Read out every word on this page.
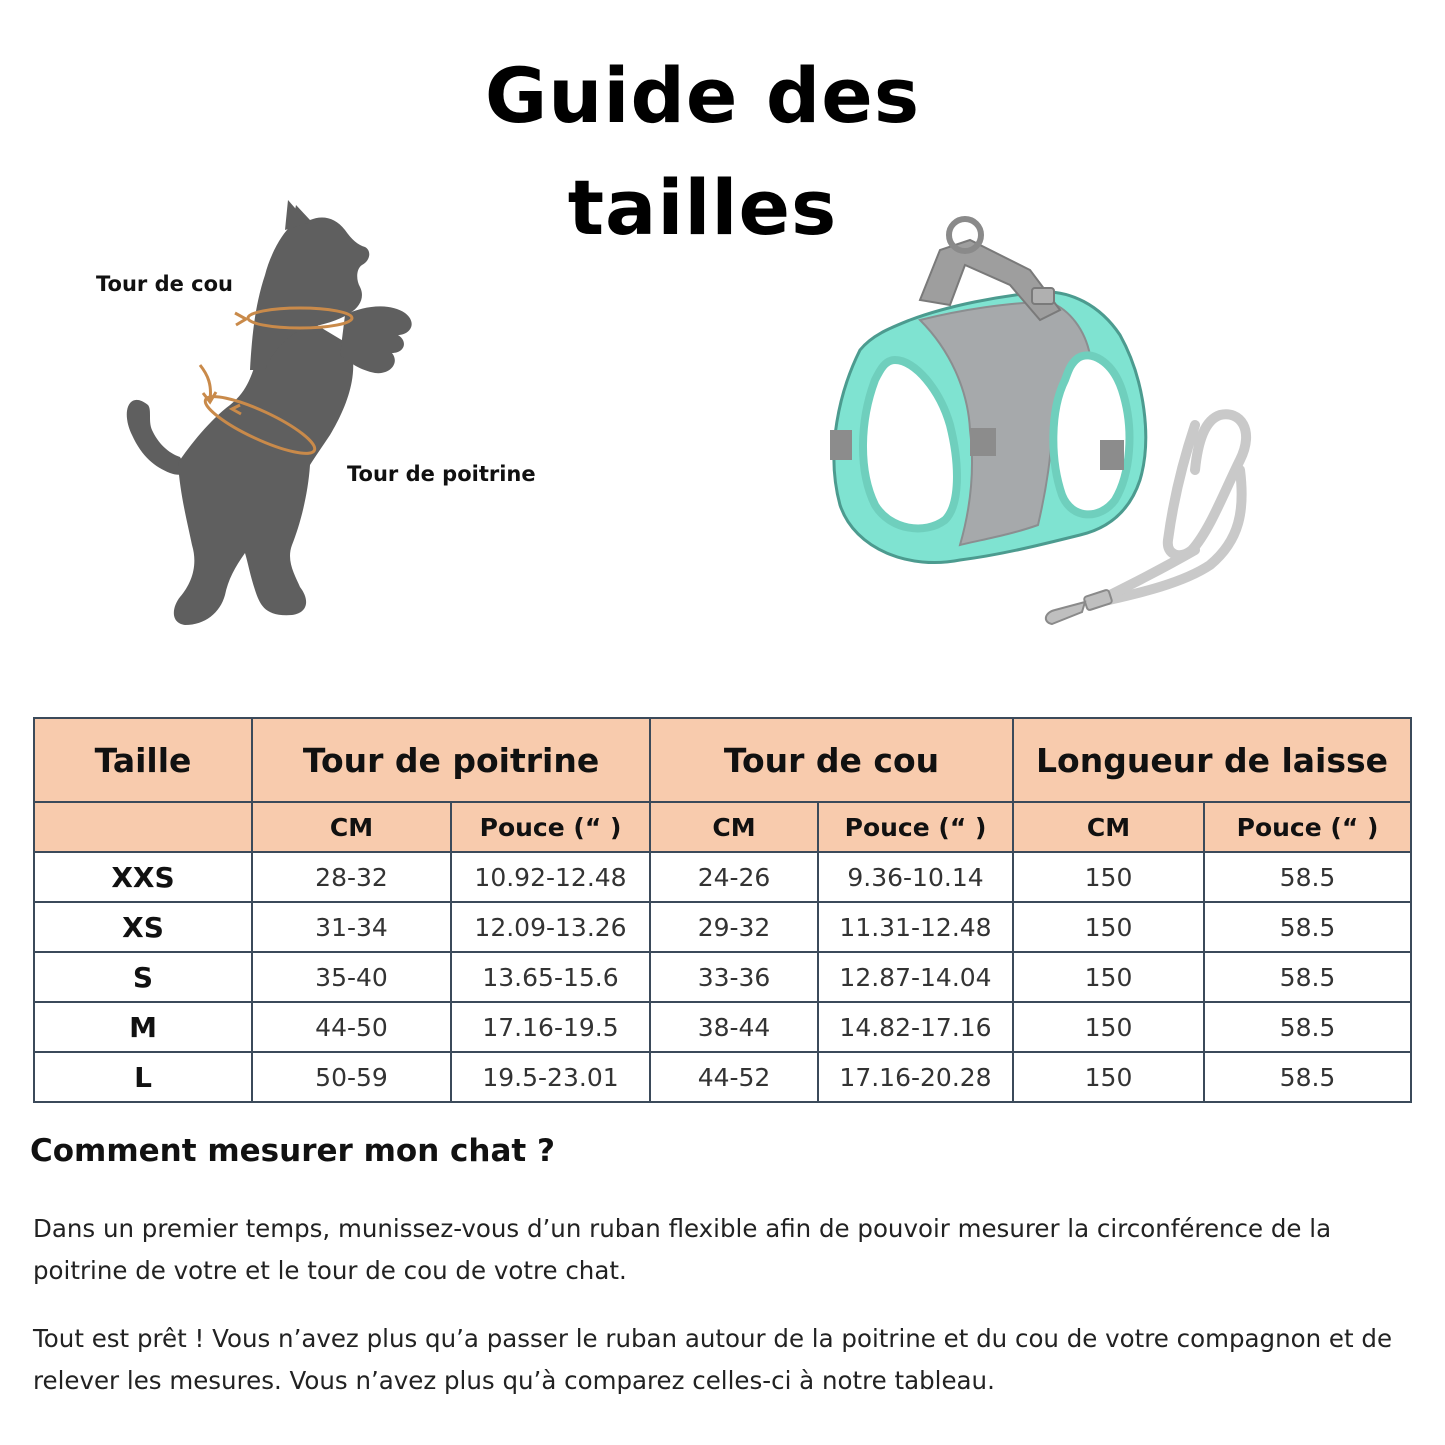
Guide des
tailles
Tour de cou
Tour de poitrine
Taille	Tour de poitrine		Tour de cou		Longueur de laisse	
	CM	Pouce (“ )	CM	Pouce (“ )	CM	Pouce (“ )
XXS	28-32	10.92-12.48	24-26	9.36-10.14	150	58.5
XS	31-34	12.09-13.26	29-32	11.31-12.48	150	58.5
S	35-40	13.65-15.6	33-36	12.87-14.04	150	58.5
M	44-50	17.16-19.5	38-44	14.82-17.16	150	58.5
L	50-59	19.5-23.01	44-52	17.16-20.28	150	58.5
Comment mesurer mon chat ?

Dans un premier temps, munissez-vous d’un ruban flexible afin de pouvoir mesurer la circonférence de la poitrine de votre et le tour de cou de votre chat.

Tout est prêt ! Vous n’avez plus qu’a passer le ruban autour de la poitrine et du cou de votre compagnon et de relever les mesures. Vous n’avez plus qu’à comparez celles-ci à notre tableau.
